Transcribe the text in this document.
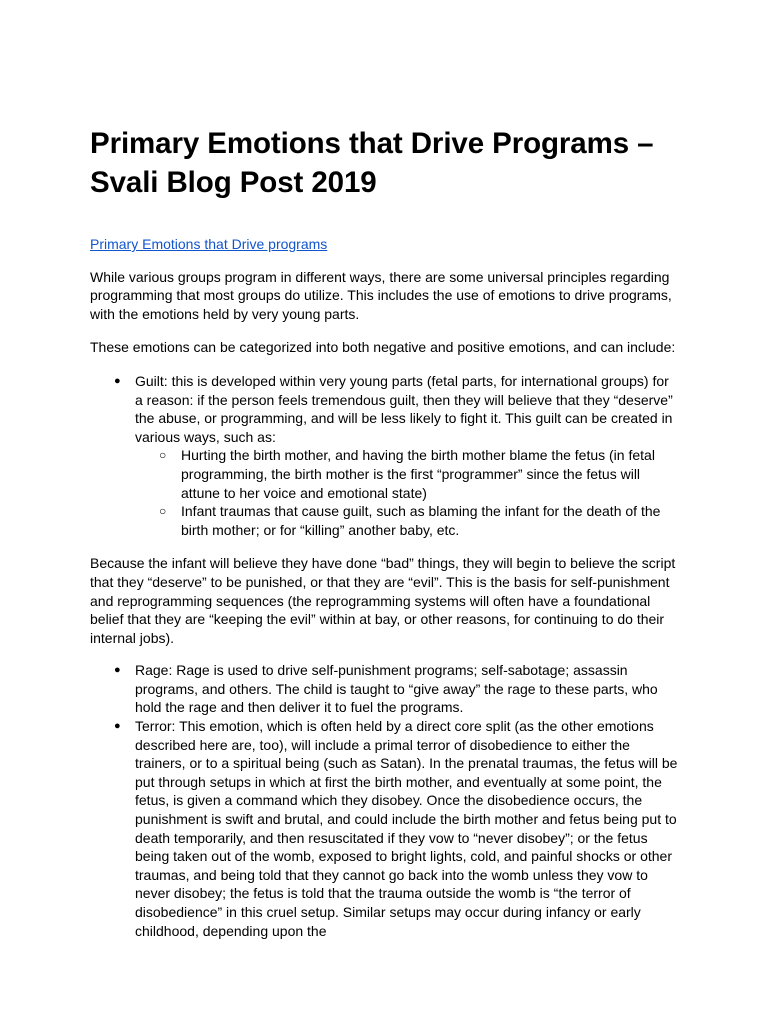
Primary Emotions that Drive Programs – Svali Blog Post 2019
Primary Emotions that Drive programs

While various groups program in different ways, there are some universal principles regarding programming that most groups do utilize. This includes the use of emotions to drive programs, with the emotions held by very young parts.

These emotions can be categorized into both negative and positive emotions, and can include:

● Guilt: this is developed within very young parts (fetal parts, for international groups) for a reason: if the person feels tremendous guilt, then they will believe that they “deserve” the abuse, or programming, and will be less likely to fight it. This guilt can be created in various ways, such as:
○ Hurting the birth mother, and having the birth mother blame the fetus (in fetal programming, the birth mother is the first “programmer” since the fetus will attune to her voice and emotional state)
○ Infant traumas that cause guilt, such as blaming the infant for the death of the birth mother; or for “killing” another baby, etc.

Because the infant will believe they have done “bad” things, they will begin to believe the script that they “deserve” to be punished, or that they are “evil”. This is the basis for self-punishment and reprogramming sequences (the reprogramming systems will often have a foundational belief that they are “keeping the evil” within at bay, or other reasons, for continuing to do their internal jobs).

● Rage: Rage is used to drive self-punishment programs; self-sabotage; assassin programs, and others. The child is taught to “give away” the rage to these parts, who hold the rage and then deliver it to fuel the programs.
● Terror: This emotion, which is often held by a direct core split (as the other emotions described here are, too), will include a primal terror of disobedience to either the trainers, or to a spiritual being (such as Satan). In the prenatal traumas, the fetus will be put through setups in which at first the birth mother, and eventually at some point, the fetus, is given a command which they disobey. Once the disobedience occurs, the punishment is swift and brutal, and could include the birth mother and fetus being put to death temporarily, and then resuscitated if they vow to “never disobey”; or the fetus being taken out of the womb, exposed to bright lights, cold, and painful shocks or other traumas, and being told that they cannot go back into the womb unless they vow to never disobey; the fetus is told that the trauma outside the womb is “the terror of disobedience” in this cruel setup. Similar setups may occur during infancy or early childhood, depending upon the
